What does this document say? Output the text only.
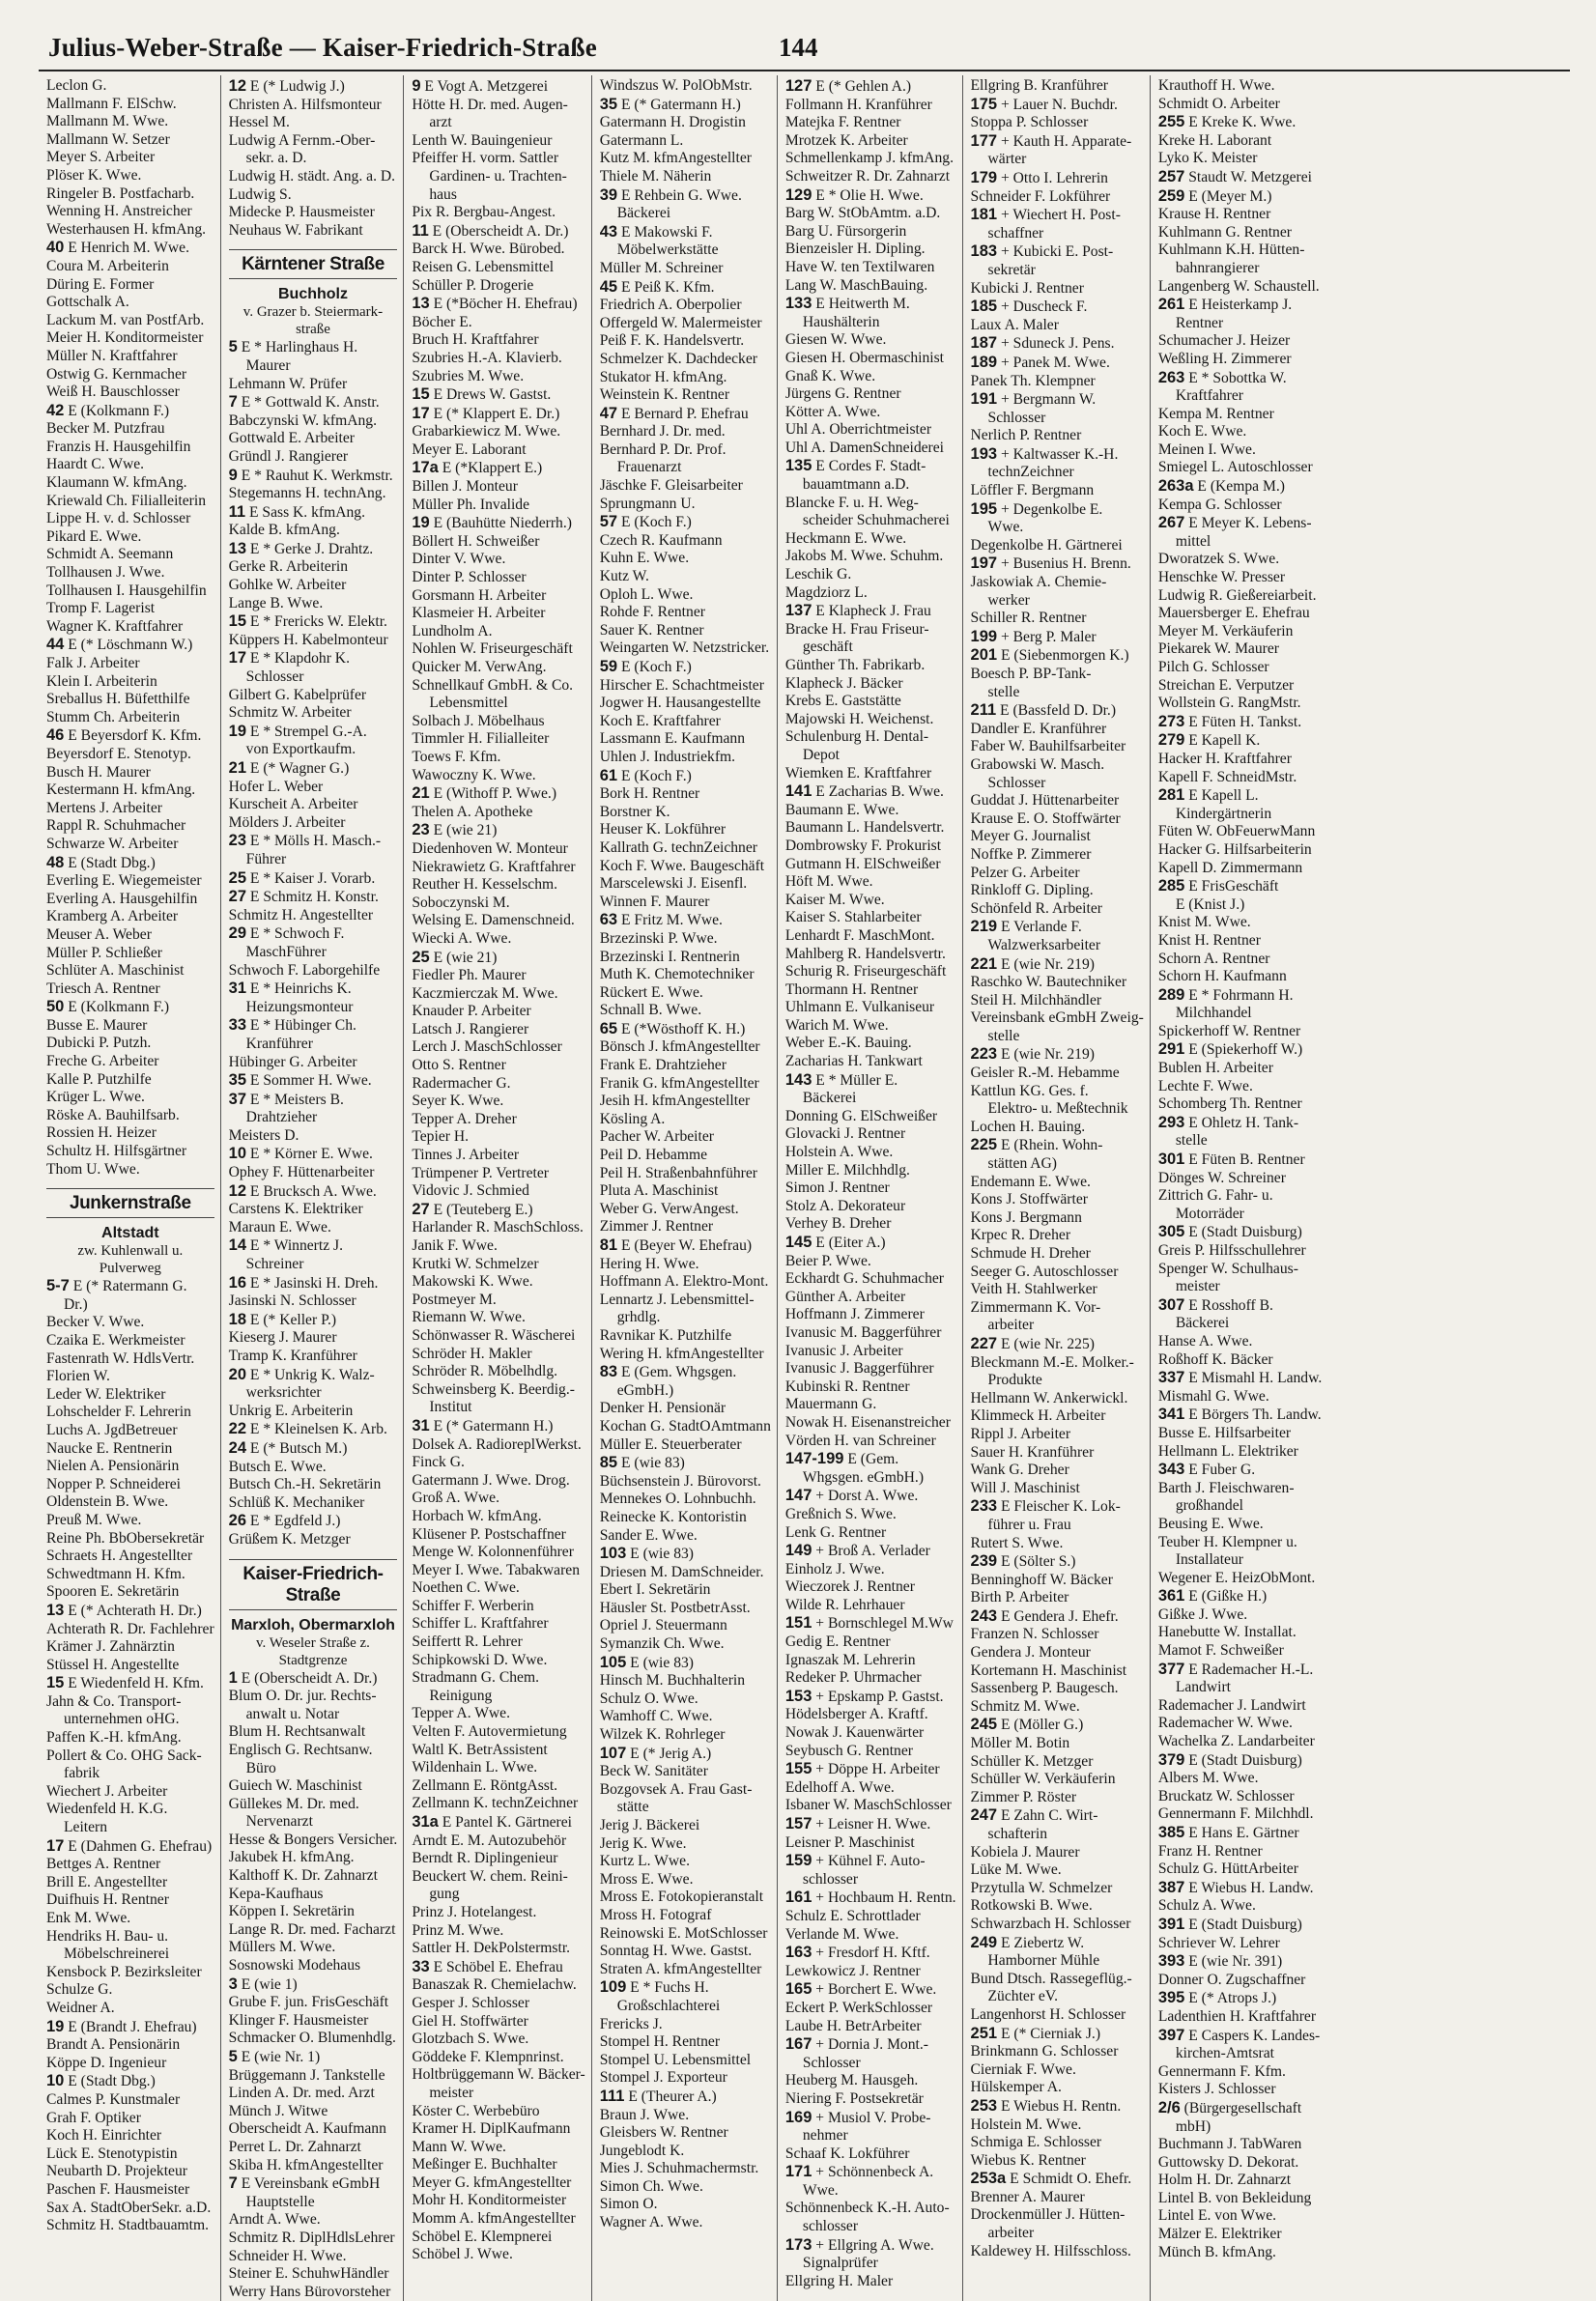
Julius-Weber-Straße — Kaiser-Friedrich-Straße	144
Leclon G.
Mallmann F. ElSchw.
Mallmann M. Wwe.
Mallmann W. Setzer
Meyer S. Arbeiter
Plöser K. Wwe.
Ringeler B. Postfacharb.
Wenning H. Anstreicher
Westerhausen H. kfmAng.
40 E Henrich M. Wwe.
Coura M. Arbeiterin
Düring E. Former
Gottschalk A.
Lackum M. van PostfArb.
Meier H. Konditormeister
Müller N. Kraftfahrer
Ostwig G. Kernmacher
Weiß H. Bauschlosser
42 E (Kolkmann F.)
Becker M. Putzfrau
Franzis H. Hausgehilfin
Haardt C. Wwe.
Klaumann W. kfmAng.
Kriewald Ch. Filialleiterin
Lippe H. v. d. Schlosser
Pikard E. Wwe.
Schmidt A. Seemann
Tollhausen J. Wwe.
Tollhausen I. Hausgehilfin
Tromp F. Lagerist
Wagner K. Kraftfahrer
44 E (* Löschmann W.)
Falk J. Arbeiter
Klein I. Arbeiterin
Sreballus H. Büfetthilfe
Stumm Ch. Arbeiterin
46 E Beyersdorf K. Kfm.
Beyersdorf E. Stenotyp.
Busch H. Maurer
Kestermann H. kfmAng.
Mertens J. Arbeiter
Rappl R. Schuhmacher
Schwarze W. Arbeiter
48 E (Stadt Dbg.)
Everling E. Wiegemeister
Everling A. Hausgehilfin
Kramberg A. Arbeiter
Meuser A. Weber
Müller P. Schließer
Schlüter A. Maschinist
Triesch A. Rentner
50 E (Kolkmann F.)
Busse E. Maurer
Dubicki P. Putzh.
Freche G. Arbeiter
Kalle P. Putzhilfe
Krüger L. Wwe.
Röske A. Bauhilfsarb.
Rossien H. Heizer
Schultz H. Hilfsgärtner
Thom U. Wwe.
Junkernstraße
Altstadt
zw. Kuhlenwall u.
Pulverweg
5-7 E (* Ratermann G.
Dr.)
Becker V. Wwe.
Czaika E. Werkmeister
Fastenrath W. HdlsVertr.
Florien W.
Leder W. Elektriker
Lohschelder F. Lehrerin
Luchs A. JgdBetreuer
Naucke E. Rentnerin
Nielen A. Pensionärin
Nopper P. Schneiderei
Oldenstein B. Wwe.
Preuß M. Wwe.
Reine Ph. BbObersekretär
Schraets H. Angestellter
Schwedtmann H. Kfm.
Spooren E. Sekretärin
13 E (* Achterath H. Dr.)
Achterath R. Dr. Fachlehrer
Krämer J. Zahnärztin
Stüssel H. Angestellte
15 E Wiedenfeld H. Kfm.
Jahn & Co. Transport-
unternehmen oHG.
Paffen K.-H. kfmAng.
Pollert & Co. OHG Sack-
fabrik
Wiechert J. Arbeiter
Wiedenfeld H. K.G.
Leitern
17 E (Dahmen G. Ehefrau)
Bettges A. Rentner
Brill E. Angestellter
Duifhuis H. Rentner
Enk M. Wwe.
Hendriks H. Bau- u.
Möbelschreinerei
Kensbock P. Bezirksleiter
Schulze G.
Weidner A.
19 E (Brandt J. Ehefrau)
Brandt A. Pensionärin
Köppe D. Ingenieur
10 E (Stadt Dbg.)
Calmes P. Kunstmaler
Grah F. Optiker
Koch H. Einrichter
Lück E. Stenotypistin
Neubarth D. Projekteur
Paschen F. Hausmeister
Sax A. StadtOberSekr. a.D.
Schmitz H. Stadtbauamtm.
12 E (* Ludwig J.)
Christen A. Hilfsmonteur
Hessel M.
Ludwig A Fernm.-Ober-
sekr. a. D.
Ludwig H. städt. Ang. a. D.
Ludwig S.
Midecke P. Hausmeister
Neuhaus W. Fabrikant
Kärntener Straße
Buchholz
v. Grazer b. Steiermark-
straße
5 E * Harlinghaus H.
Maurer
Lehmann W. Prüfer
7 E * Gottwald K. Anstr.
Babczynski W. kfmAng.
Gottwald E. Arbeiter
Gründl J. Rangierer
9 E * Rauhut K. Werkmstr.
Stegemanns H. technAng.
11 E Sass K. kfmAng.
Kalde B. kfmAng.
13 E * Gerke J. Drahtz.
Gerke R. Arbeiterin
Gohlke W. Arbeiter
Lange B. Wwe.
15 E * Frericks W. Elektr.
Küppers H. Kabelmonteur
17 E * Klapdohr K.
Schlosser
Gilbert G. Kabelprüfer
Schmitz W. Arbeiter
19 E * Strempel G.-A.
von Exportkaufm.
21 E (* Wagner G.)
Hofer L. Weber
Kurscheit A. Arbeiter
Mölders J. Arbeiter
23 E * Mölls H. Masch.-
Führer
25 E * Kaiser J. Vorarb.
27 E Schmitz H. Konstr.
Schmitz H. Angestellter
29 E * Schwoch F.
MaschFührer
Schwoch F. Laborgehilfe
31 E * Heinrichs K.
Heizungsmonteur
33 E * Hübinger Ch.
Kranführer
Hübinger G. Arbeiter
35 E Sommer H. Wwe.
37 E * Meisters B.
Drahtzieher
Meisters D.
10 E * Körner E. Wwe.
Ophey F. Hüttenarbeiter
12 E Brucksch A. Wwe.
Carstens K. Elektriker
Maraun E. Wwe.
14 E * Winnertz J.
Schreiner
16 E * Jasinski H. Dreh.
Jasinski N. Schlosser
18 E (* Keller P.)
Kieserg J. Maurer
Tramp K. Kranführer
20 E * Unkrig K. Walz-
werksrichter
Unkrig E. Arbeiterin
22 E * Kleinelsen K. Arb.
24 E (* Butsch M.)
Butsch E. Wwe.
Butsch Ch.-H. Sekretärin
Schlüß K. Mechaniker
26 E * Egdfeld J.)
Grüßem K. Metzger
Kaiser-Friedrich-Straße
Marxloh, Obermarxloh
v. Weseler Straße z.
Stadtgrenze
1 E (Oberscheidt A. Dr.)
Blum O. Dr. jur. Rechts-
anwalt u. Notar
Blum H. Rechtsanwalt
Englisch G. Rechtsanw.
Büro
Guiech W. Maschinist
Güllekes M. Dr. med.
Nervenarzt
Hesse & Bongers Versicher.
Jakubek H. kfmAng.
Kalthoff K. Dr. Zahnarzt
Kepa-Kaufhaus
Köppen I. Sekretärin
Lange R. Dr. med. Facharzt
Müllers M. Wwe.
Sosnowski Modehaus
3 E (wie 1)
Grube F. jun. FrisGeschäft
Klinger F. Hausmeister
Schmacker O. Blumenhdlg.
5 E (wie Nr. 1)
Brüggemann J. Tankstelle
Linden A. Dr. med. Arzt
Münch J. Witwe
Oberscheidt A. Kaufmann
Perret L. Dr. Zahnarzt
Skiba H. kfmAngestellter
7 E Vereinsbank eGmbH
Hauptstelle
Arndt A. Wwe.
Schmitz R. DiplHdlsLehrer
Schneider H. Wwe.
Steiner E. SchuhwHändler
Werry Hans Bürovorsteher
9 E Vogt A. Metzgerei
Hötte H. Dr. med. Augen-
arzt
Lenth W. Bauingenieur
Pfeiffer H. vorm. Sattler
Gardinen- u. Trachten-
haus
Pix R. Bergbau-Angest.
11 E (Oberscheidt A. Dr.)
Barck H. Wwe. Bürobed.
Reisen G. Lebensmittel
Schüller P. Drogerie
13 E (*Böcher H. Ehefrau)
Böcher E.
Bruch H. Kraftfahrer
Szubries H.-A. Klavierb.
Szubries M. Wwe.
15 E Drews W. Gastst.
17 E (* Klappert E. Dr.)
Grabarkiewicz M. Wwe.
Meyer E. Laborant
17a E (*Klappert E.)
Billen J. Monteur
Müller Ph. Invalide
19 E (Bauhütte Niederrh.)
Böllert H. Schweißer
Dinter V. Wwe.
Dinter P. Schlosser
Gorsmann H. Arbeiter
Klasmeier H. Arbeiter
Lundholm A.
Nohlen W. Friseurgeschäft
Quicker M. VerwAng.
Schnellkauf GmbH. & Co.
Lebensmittel
Solbach J. Möbelhaus
Timmler H. Filialleiter
Toews F. Kfm.
Wawoczny K. Wwe.
21 E (Withoff P. Wwe.)
Thelen A. Apotheke
23 E (wie 21)
Diedenhoven W. Monteur
Niekrawietz G. Kraftfahrer
Reuther H. Kesselschm.
Soboczynski M.
Welsing E. Damenschneid.
Wiecki A. Wwe.
25 E (wie 21)
Fiedler Ph. Maurer
Kaczmierczak M. Wwe.
Knauder P. Arbeiter
Latsch J. Rangierer
Lerch J. MaschSchlosser
Otto S. Rentner
Radermacher G.
Seyer K. Wwe.
Tepper A. Dreher
Tepier H.
Tinnes J. Arbeiter
Trümpener P. Vertreter
Vidovic J. Schmied
27 E (Teuteberg E.)
Harlander R. MaschSchloss.
Janik F. Wwe.
Krutki W. Schmelzer
Makowski K. Wwe.
Postmeyer M.
Riemann W. Wwe.
Schönwasser R. Wäscherei
Schröder H. Makler
Schröder R. Möbelhdlg.
Schweinsberg K. Beerdig.-
Institut
31 E (* Gatermann H.)
Dolsek A. RadioreplWerkst.
Finck G.
Gatermann J. Wwe. Drog.
Groß A. Wwe.
Horbach W. kfmAng.
Klüsener P. Postschaffner
Menge W. Kolonnenführer
Meyer I. Wwe. Tabakwaren
Noethen C. Wwe.
Schiffer F. Werberin
Schiffer L. Kraftfahrer
Seiffertt R. Lehrer
Schipkowski D. Wwe.
Stradmann G. Chem.
Reinigung
Tepper A. Wwe.
Velten F. Autovermietung
Waltl K. BetrAssistent
Wildenhain L. Wwe.
Zellmann E. RöntgAsst.
Zellmann K. technZeichner
31a E Pantel K. Gärtnerei
Arndt E. M. Autozubehör
Berndt R. Diplingenieur
Beuckert W. chem. Reini-
gung
Prinz J. Hotelangest.
Prinz M. Wwe.
Sattler H. DekPolstermstr.
33 E Schöbel E. Ehefrau
Banaszak R. Chemielachw.
Gesper J. Schlosser
Giel H. Stoffwärter
Glotzbach S. Wwe.
Göddeke F. Klempnrinst.
Holtbrüggemann W. Bäcker-
meister
Köster C. Werbebüro
Kramer H. DiplKaufmann
Mann W. Wwe.
Meßinger E. Buchhalter
Meyer G. kfmAngestellter
Mohr H. Konditormeister
Momm A. kfmAngestellter
Schöbel E. Klempnerei
Schöbel J. Wwe.
Windszus W. PolObMstr.
35 E (* Gatermann H.)
Gatermann H. Drogistin
Gatermann L.
Kutz M. kfmAngestellter
Thiele M. Näherin
39 E Rehbein G. Wwe.
Bäckerei
43 E Makowski F.
Möbelwerkstätte
Müller M. Schreiner
45 E Peiß K. Kfm.
Friedrich A. Oberpolier
Offergeld W. Malermeister
Peiß F. K. Handelsvertr.
Schmelzer K. Dachdecker
Stukator H. kfmAng.
Weinstein K. Rentner
47 E Bernard P. Ehefrau
Bernhard J. Dr. med.
Bernhard P. Dr. Prof.
Frauenarzt
Jäschke F. Gleisarbeiter
Sprungmann U.
57 E (Koch F.)
Czech R. Kaufmann
Kuhn E. Wwe.
Kutz W.
Oploh L. Wwe.
Rohde F. Rentner
Sauer K. Rentner
Weingarten W. Netzstricker.
59 E (Koch F.)
Hirscher E. Schachtmeister
Jogwer H. Hausangestellte
Koch E. Kraftfahrer
Lassmann E. Kaufmann
Uhlen J. Industriekfm.
61 E (Koch F.)
Bork H. Rentner
Borstner K.
Heuser K. Lokführer
Kallrath G. technZeichner
Koch F. Wwe. Baugeschäft
Marscelewski J. Eisenfl.
Winnen F. Maurer
63 E Fritz M. Wwe.
Brzezinski P. Wwe.
Brzezinski I. Rentnerin
Muth K. Chemotechniker
Rückert E. Wwe.
Schnall B. Wwe.
65 E (*Wösthoff K. H.)
Bönsch J. kfmAngestellter
Frank E. Drahtzieher
Franik G. kfmAngestellter
Jesih H. kfmAngestellter
Kösling A.
Pacher W. Arbeiter
Peil D. Hebamme
Peil H. Straßenbahnführer
Pluta A. Maschinist
Weber G. VerwAngest.
Zimmer J. Rentner
81 E (Beyer W. Ehefrau)
Hering H. Wwe.
Hoffmann A. Elektro-Mont.
Lennartz J. Lebensmittel-
grhdlg.
Ravnikar K. Putzhilfe
Wering H. kfmAngestellter
83 E (Gem. Whgsgen.
eGmbH.)
Denker H. Pensionär
Kochan G. StadtOAmtmann
Müller E. Steuerberater
85 E (wie 83)
Büchsenstein J. Bürovorst.
Mennekes O. Lohnbuchh.
Reinecke K. Kontoristin
Sander E. Wwe.
103 E (wie 83)
Driesen M. DamSchneider.
Ebert I. Sekretärin
Häusler St. PostbetrAsst.
Opriel J. Steuermann
Symanzik Ch. Wwe.
105 E (wie 83)
Hinsch M. Buchhalterin
Schulz O. Wwe.
Wamhoff C. Wwe.
Wilzek K. Rohrleger
107 E (* Jerig A.)
Beck W. Sanitäter
Bozgovsek A. Frau Gast-
stätte
Jerig J. Bäckerei
Jerig K. Wwe.
Kurtz L. Wwe.
Mross E. Wwe.
Mross E. Fotokopieranstalt
Mross H. Fotograf
Reinowski E. MotSchlosser
Sonntag H. Wwe. Gastst.
Straten A. kfmAngestellter
109 E * Fuchs H.
Großschlachterei
Frericks J.
Stompel H. Rentner
Stompel U. Lebensmittel
Stompel J. Exporteur
111 E (Theurer A.)
Braun J. Wwe.
Gleisbers W. Rentner
Jungeblodt K.
Mies J. Schuhmachermstr.
Simon Ch. Wwe.
Simon O.
Wagner A. Wwe.
127 E (* Gehlen A.)
Follmann H. Kranführer
Matejka F. Rentner
Mrotzek K. Arbeiter
Schmellenkamp J. kfmAng.
Schweitzer R. Dr. Zahnarzt
129 E * Olie H. Wwe.
Barg W. StObAmtm. a.D.
Barg U. Fürsorgerin
Bienzeisler H. Dipling.
Have W. ten Textilwaren
Lang W. MaschBauing.
133 E Heitwerth M.
Haushälterin
Giesen W. Wwe.
Giesen H. Obermaschinist
Gnaß K. Wwe.
Jürgens G. Rentner
Kötter A. Wwe.
Uhl A. Oberrichtmeister
Uhl A. DamenSchneiderei
135 E Cordes F. Stadt-
bauamtmann a.D.
Blancke F. u. H. Weg-
scheider Schuhmacherei
Heckmann E. Wwe.
Jakobs M. Wwe. Schuhm.
Leschik G.
Magdziorz L.
137 E Klapheck J. Frau
Bracke H. Frau Friseur-
geschäft
Günther Th. Fabrikarb.
Klapheck J. Bäcker
Krebs E. Gaststätte
Majowski H. Weichenst.
Schulenburg H. Dental-
Depot
Wiemken E. Kraftfahrer
141 E Zacharias B. Wwe.
Baumann E. Wwe.
Baumann L. Handelsvertr.
Dombrowsky F. Prokurist
Gutmann H. ElSchweißer
Höft M. Wwe.
Kaiser M. Wwe.
Kaiser S. Stahlarbeiter
Lenhardt F. MaschMont.
Mahlberg R. Handelsvertr.
Schurig R. Friseurgeschäft
Thormann H. Rentner
Uhlmann E. Vulkaniseur
Warich M. Wwe.
Weber E.-K. Bauing.
Zacharias H. Tankwart
143 E * Müller E.
Bäckerei
Donning G. ElSchweißer
Glovacki J. Rentner
Holstein A. Wwe.
Miller E. Milchhdlg.
Simon J. Rentner
Stolz A. Dekorateur
Verhey B. Dreher
145 E (Eiter A.)
Beier P. Wwe.
Eckhardt G. Schuhmacher
Günther A. Arbeiter
Hoffmann J. Zimmerer
Ivanusic M. Baggerführer
Ivanusic J. Arbeiter
Ivanusic J. Baggerführer
Kubinski R. Rentner
Mauermann G.
Nowak H. Eisenanstreicher
Vörden H. van Schreiner
147-199 E (Gem.
Whgsgen. eGmbH.)
147 + Dorst A. Wwe.
Greßnich S. Wwe.
Lenk G. Rentner
149 + Broß A. Verlader
Einholz J. Wwe.
Wieczorek J. Rentner
Wilde R. Lehrhauer
151 + Bornschlegel M.Ww
Gedig E. Rentner
Ignaszak M. Lehrerin
Redeker P. Uhrmacher
153 + Epskamp P. Gastst.
Hödelsberger A. Kraftf.
Nowak J. Kauenwärter
Seybusch G. Rentner
155 + Döppe H. Arbeiter
Edelhoff A. Wwe.
Isbaner W. MaschSchlosser
157 + Leisner H. Wwe.
Leisner P. Maschinist
159 + Kühnel F. Auto-
schlosser
161 + Hochbaum H. Rentn.
Schulz E. Schrottlader
Verlande M. Wwe.
163 + Fresdorf H. Kftf.
Lewkowicz J. Rentner
165 + Borchert E. Wwe.
Eckert P. WerkSchlosser
Laube H. BetrArbeiter
167 + Dornia J. Mont.-
Schlosser
Heuberg M. Hausgeh.
Niering F. Postsekretär
169 + Musiol V. Probe-
nehmer
Schaaf K. Lokführer
171 + Schönnenbeck A.
Wwe.
Schönnenbeck K.-H. Auto-
schlosser
173 + Ellgring A. Wwe.
Signalprüfer
Ellgring H. Maler
Ellgring B. Kranführer
175 + Lauer N. Buchdr.
Stoppa P. Schlosser
177 + Kauth H. Apparate-
wärter
179 + Otto I. Lehrerin
Schneider F. Lokführer
181 + Wiechert H. Post-
schaffner
183 + Kubicki E. Post-
sekretär
Kubicki J. Rentner
185 + Duscheck F.
Laux A. Maler
187 + Sduneck J. Pens.
189 + Panek M. Wwe.
Panek Th. Klempner
191 + Bergmann W.
Schlosser
Nerlich P. Rentner
193 + Kaltwasser K.-H.
technZeichner
Löffler F. Bergmann
195 + Degenkolbe E.
Wwe.
Degenkolbe H. Gärtnerei
197 + Busenius H. Brenn.
Jaskowiak A. Chemie-
werker
Schiller R. Rentner
199 + Berg P. Maler
201 E (Siebenmorgen K.)
Boesch P. BP-Tank-
stelle
211 E (Bassfeld D. Dr.)
Dandler E. Kranführer
Faber W. Bauhilfsarbeiter
Grabowski W. Masch.
Schlosser
Guddat J. Hüttenarbeiter
Krause E. O. Stoffwärter
Meyer G. Journalist
Noffke P. Zimmerer
Pelzer G. Arbeiter
Rinkloff G. Dipling.
Schönfeld R. Arbeiter
219 E Verlande F.
Walzwerksarbeiter
221 E (wie Nr. 219)
Raschko W. Bautechniker
Steil H. Milchhändler
Vereinsbank eGmbH Zweig-
stelle
223 E (wie Nr. 219)
Geisler R.-M. Hebamme
Kattlun KG. Ges. f.
Elektro- u. Meßtechnik
Lochen H. Bauing.
225 E (Rhein. Wohn-
stätten AG)
Endemann E. Wwe.
Kons J. Stoffwärter
Kons J. Bergmann
Krpec R. Dreher
Schmude H. Dreher
Seeger G. Autoschlosser
Veith H. Stahlwerker
Zimmermann K. Vor-
arbeiter
227 E (wie Nr. 225)
Bleckmann M.-E. Molker.-
Produkte
Hellmann W. Ankerwickl.
Klimmeck H. Arbeiter
Rippl J. Arbeiter
Sauer H. Kranführer
Wank G. Dreher
Will J. Maschinist
233 E Fleischer K. Lok-
führer u. Frau
Rutert S. Wwe.
239 E (Sölter S.)
Benninghoff W. Bäcker
Birth P. Arbeiter
243 E Gendera J. Ehefr.
Franzen N. Schlosser
Gendera J. Monteur
Kortemann H. Maschinist
Sassenberg P. Baugesch.
Schmitz M. Wwe.
245 E (Möller G.)
Möller M. Botin
Schüller K. Metzger
Schüller W. Verkäuferin
Zimmer P. Röster
247 E Zahn C. Wirt-
schafterin
Kobiela J. Maurer
Lüke M. Wwe.
Przytulla W. Schmelzer
Rotkowski B. Wwe.
Schwarzbach H. Schlosser
249 E Ziebertz W.
Hamborner Mühle
Bund Dtsch. Rassegeflüg.-
Züchter eV.
Langenhorst H. Schlosser
251 E (* Cierniak J.)
Brinkmann G. Schlosser
Cierniak F. Wwe.
Hülskemper A.
253 E Wiebus H. Rentn.
Holstein M. Wwe.
Schmiga E. Schlosser
Wiebus K. Rentner
253a E Schmidt O. Ehefr.
Brenner A. Maurer
Drockenmüller J. Hütten-
arbeiter
Kaldewey H. Hilfsschloss.
Krauthoff H. Wwe.
Schmidt O. Arbeiter
255 E Kreke K. Wwe.
Kreke H. Laborant
Lyko K. Meister
257 Staudt W. Metzgerei
259 E (Meyer M.)
Krause H. Rentner
Kuhlmann G. Rentner
Kuhlmann K.H. Hütten-
bahnrangierer
Langenberg W. Schaustell.
261 E Heisterkamp J.
Rentner
Schumacher J. Heizer
Weßling H. Zimmerer
263 E * Sobottka W.
Kraftfahrer
Kempa M. Rentner
Koch E. Wwe.
Meinen I. Wwe.
Smiegel L. Autoschlosser
263a E (Kempa M.)
Kempa G. Schlosser
267 E Meyer K. Lebens-
mittel
Dworatzek S. Wwe.
Henschke W. Presser
Ludwig R. Gießereiarbeit.
Mauersberger E. Ehefrau
Meyer M. Verkäuferin
Piekarek W. Maurer
Pilch G. Schlosser
Streichan E. Verputzer
Wollstein G. RangMstr.
273 E Füten H. Tankst.
279 E Kapell K.
Hacker H. Kraftfahrer
Kapell F. SchneidMstr.
281 E Kapell L.
Kindergärtnerin
Füten W. ObFeuerwMann
Hacker G. Hilfsarbeiterin
Kapell D. Zimmermann
285 E FrisGeschäft
E (Knist J.)
Knist M. Wwe.
Knist H. Rentner
Schorn A. Rentner
Schorn H. Kaufmann
289 E * Fohrmann H.
Milchhandel
Spickerhoff W. Rentner
291 E (Spiekerhoff W.)
Bublen H. Arbeiter
Lechte F. Wwe.
Schomberg Th. Rentner
293 E Ohletz H. Tank-
stelle
301 E Füten B. Rentner
Dönges W. Schreiner
Zittrich G. Fahr- u.
Motorräder
305 E (Stadt Duisburg)
Greis P. Hilfsschullehrer
Spenger W. Schulhaus-
meister
307 E Rosshoff B.
Bäckerei
Hanse A. Wwe.
Roßhoff K. Bäcker
337 E Mismahl H. Landw.
Mismahl G. Wwe.
341 E Börgers Th. Landw.
Busse E. Hilfsarbeiter
Hellmann L. Elektriker
343 E Fuber G.
Barth J. Fleischwaren-
großhandel
Beusing E. Wwe.
Teuber H. Klempner u.
Installateur
Wegener E. HeizObMont.
361 E (Gißke H.)
Gißke J. Wwe.
Hanebutte W. Installat.
Mamot F. Schweißer
377 E Rademacher H.-L.
Landwirt
Rademacher J. Landwirt
Rademacher W. Wwe.
Wachelka Z. Landarbeiter
379 E (Stadt Duisburg)
Albers M. Wwe.
Bruckatz W. Schlosser
Gennermann F. Milchhdl.
385 E Hans E. Gärtner
Franz H. Rentner
Schulz G. HüttArbeiter
387 E Wiebus H. Landw.
Schulz A. Wwe.
391 E (Stadt Duisburg)
Schriever W. Lehrer
393 E (wie Nr. 391)
Donner O. Zugschaffner
395 E (* Atrops J.)
Ladenthien H. Kraftfahrer
397 E Caspers K. Landes-
kirchen-Amtsrat
Gennermann F. Kfm.
Kisters J. Schlosser
2/6 (Bürgergesellschaft
mbH)
Buchmann J. TabWaren
Guttowsky D. Dekorat.
Holm H. Dr. Zahnarzt
Lintel B. von Bekleidung
Lintel E. von Wwe.
Mälzer E. Elektriker
Münch B. kfmAng.
